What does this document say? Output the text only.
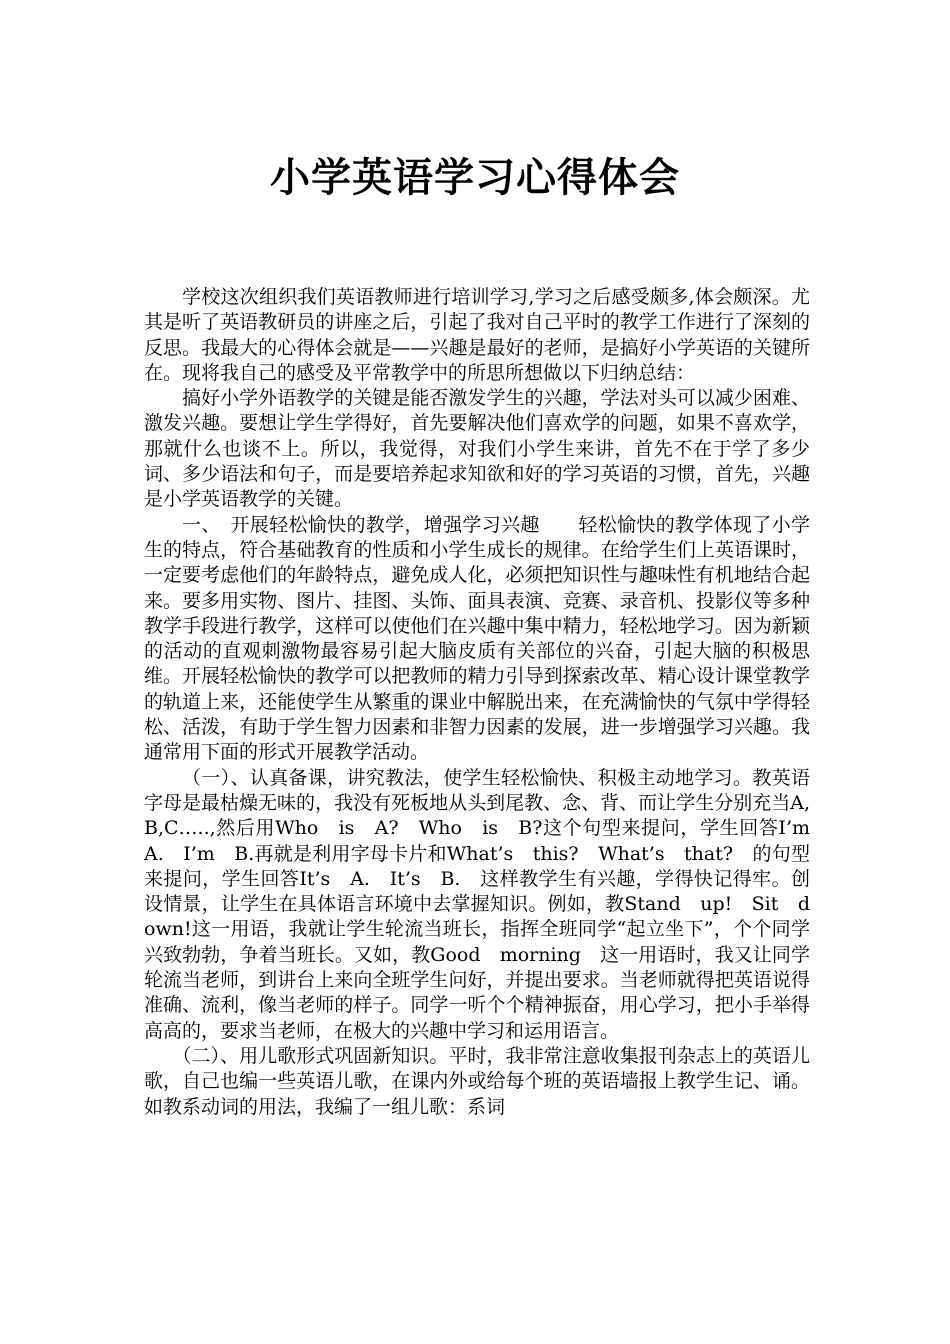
小学英语学习心得体会

学校这次组织我们英语教师进行培训学习,学习之后感受颇多,体会颇深。尤其是听了英语教研员的讲座之后，引起了我对自己平时的教学工作进行了深刻的反思。我最大的心得体会就是——兴趣是最好的老师，是搞好小学英语的关键所在。现将我自己的感受及平常教学中的所思所想做以下归纳总结：

搞好小学外语教学的关键是能否激发学生的兴趣，学法对头可以减少困难、激发兴趣。要想让学生学得好，首先要解决他们喜欢学的问题，如果不喜欢学，那就什么也谈不上。所以，我觉得，对我们小学生来讲，首先不在于学了多少词、多少语法和句子，而是要培养起求知欲和好的学习英语的习惯，首先，兴趣是小学英语教学的关键。

一、　开展轻松愉快的教学，增强学习兴趣　　轻松愉快的教学体现了小学生的特点，符合基础教育的性质和小学生成长的规律。在给学生们上英语课时，一定要考虑他们的年龄特点，避免成人化，必须把知识性与趣味性有机地结合起来。要多用实物、图片、挂图、头饰、面具表演、竞赛、录音机、投影仪等多种教学手段进行教学，这样可以使他们在兴趣中集中精力，轻松地学习。因为新颖的活动的直观刺激物最容易引起大脑皮质有关部位的兴奋，引起大脑的积极思维。开展轻松愉快的教学可以把教师的精力引导到探索改革、精心设计课堂教学的轨道上来，还能使学生从繁重的课业中解脱出来，在充满愉快的气氛中学得轻松、活泼，有助于学生智力因素和非智力因素的发展，进一步增强学习兴趣。我通常用下面的形式开展教学活动。

（一）、认真备课，讲究教法，使学生轻松愉快、积极主动地学习。教英语字母是最枯燥无味的，我没有死板地从头到尾教、念、背、而让学生分别充当A,B,C…..,然后用Who　is　A?　Who　is　B?这个句型来提问，学生回答I’m　A.　I’m　B.再就是利用字母卡片和What’s　this?　What’s　that?　的句型来提问，学生回答It’s　A.　It’s　B.　这样教学生有兴趣，学得快记得牢。创设情景，让学生在具体语言环境中去掌握知识。例如，教Stand　up!　Sit　down!这一用语，我就让学生轮流当班长，指挥全班同学“起立坐下”，个个同学兴致勃勃，争着当班长。又如，教Good　morning　这一用语时，我又让同学轮流当老师，到讲台上来向全班学生问好，并提出要求。当老师就得把英语说得准确、流利，像当老师的样子。同学一听个个精神振奋，用心学习，把小手举得高高的，要求当老师，在极大的兴趣中学习和运用语言。

（二）、用儿歌形式巩固新知识。平时，我非常注意收集报刊杂志上的英语儿歌，自己也编一些英语儿歌，在课内外或给每个班的英语墙报上教学生记、诵。如教系动词的用法，我编了一组儿歌：系词
